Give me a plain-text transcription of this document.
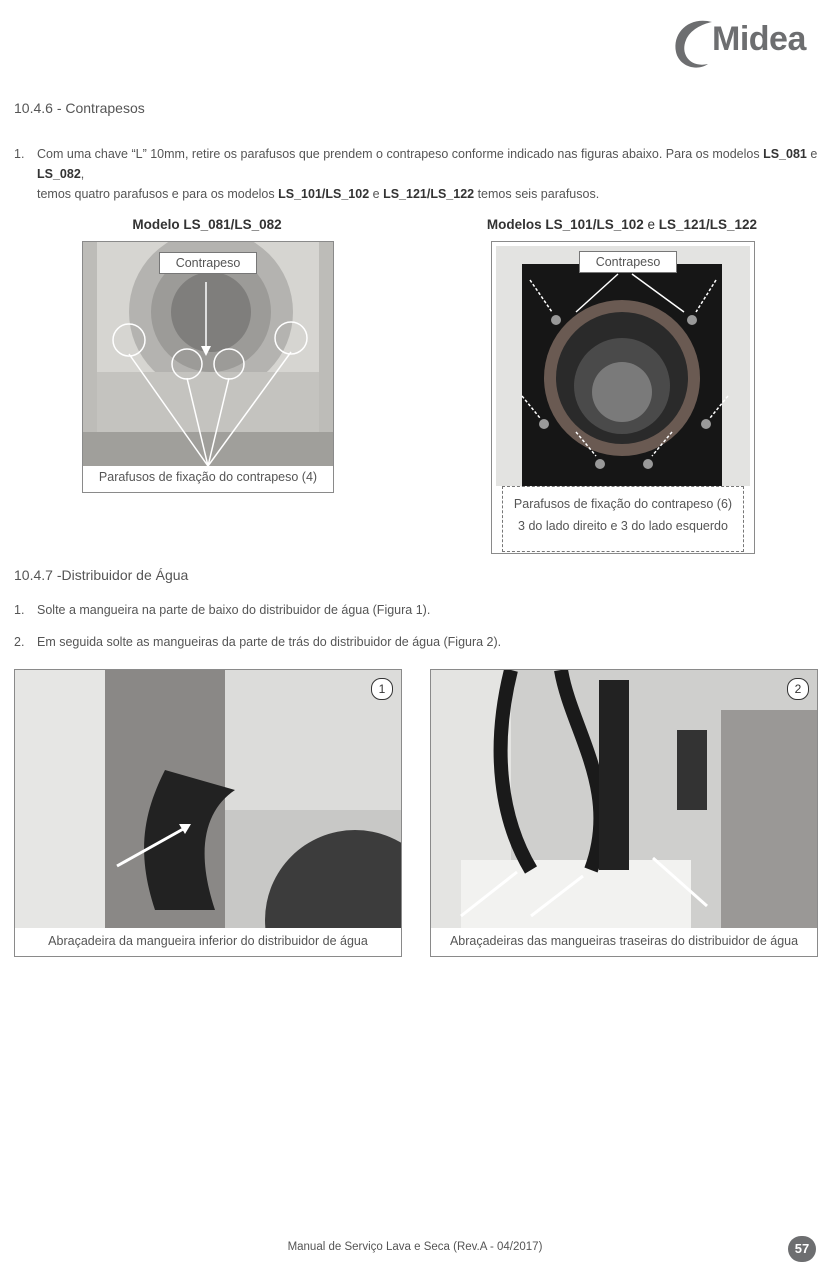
Midea
10.4.6 - Contrapesos
1. Com uma chave “L” 10mm, retire os parafusos que prendem o contrapeso conforme indicado nas figuras abaixo. Para os modelos LS_081 e LS_082,
temos quatro parafusos e para os modelos LS_101/LS_102 e LS_121/LS_122 temos seis parafusos.
Modelo LS_081/LS_082	Modelos LS_101/LS_102 e LS_121/LS_122
Contrapeso
Parafusos de fixação do contrapeso (4)
Contrapeso
Parafusos de fixação do contrapeso (6)
3 do lado direito e 3 do lado esquerdo
10.4.7 -Distribuidor de Água
1. Solte a mangueira na parte de baixo do distribuidor de água (Figura 1).
2. Em seguida solte as mangueiras da parte de trás do distribuidor de água (Figura 2).
1
Abraçadeira da mangueira inferior do distribuidor de água
2
Abraçadeiras das mangueiras traseiras do distribuidor de água
Manual de Serviço Lava e Seca (Rev.A - 04/2017)	57
